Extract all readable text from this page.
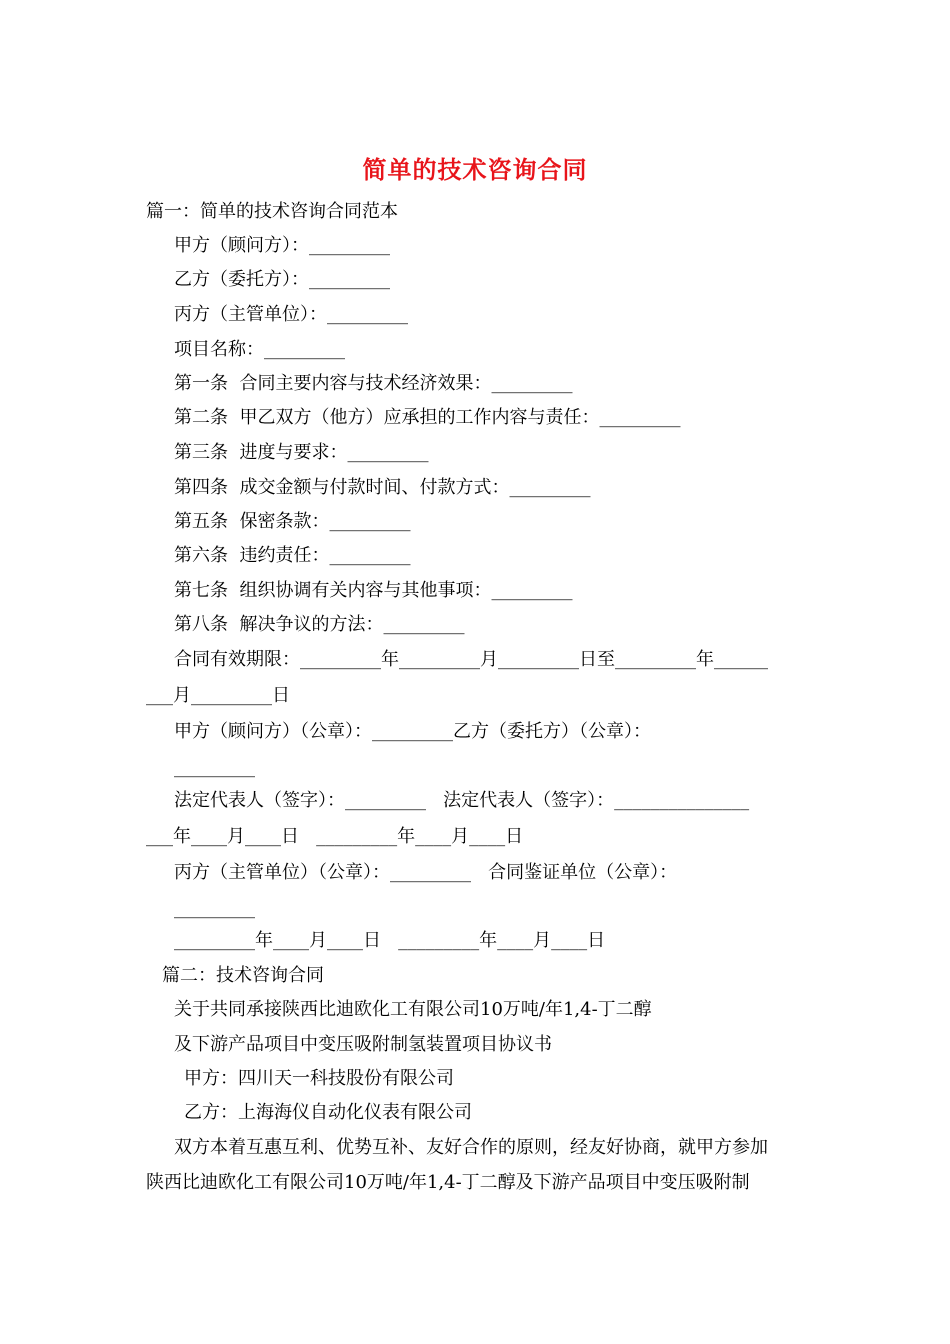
简单的技术咨询合同
篇一：简单的技术咨询合同范本
甲方（顾问方）：_________
乙方（委托方）：_________
丙方（主管单位）：_________
项目名称：_________
第一条  合同主要内容与技术经济效果：_________
第二条  甲乙双方（他方）应承担的工作内容与责任：_________
第三条  进度与要求：_________
第四条  成交金额与付款时间、付款方式：_________
第五条  保密条款：_________
第六条  违约责任：_________
第七条  组织协调有关内容与其他事项：_________
第八条  解决争议的方法：_________
合同有效期限：_________年_________月_________日至_________年______
___月_________日
甲方（顾问方）（公章）：_________乙方（委托方）（公章）：
_________
法定代表人（签字）：_________   法定代表人（签字）：_______________
___年____月____日   _________年____月____日
丙方（主管单位）（公章）：_________   合同鉴证单位（公章）：
_________
_________年____月____日   _________年____月____日
篇二：技术咨询合同
关于共同承接陕西比迪欧化工有限公司10万吨/年1,4-丁二醇
及下游产品项目中变压吸附制氢装置项目协议书
甲方：四川天一科技股份有限公司
乙方：上海海仪自动化仪表有限公司
双方本着互惠互利、优势互补、友好合作的原则，经友好协商，就甲方参加
陕西比迪欧化工有限公司10万吨/年1,4-丁二醇及下游产品项目中变压吸附制
